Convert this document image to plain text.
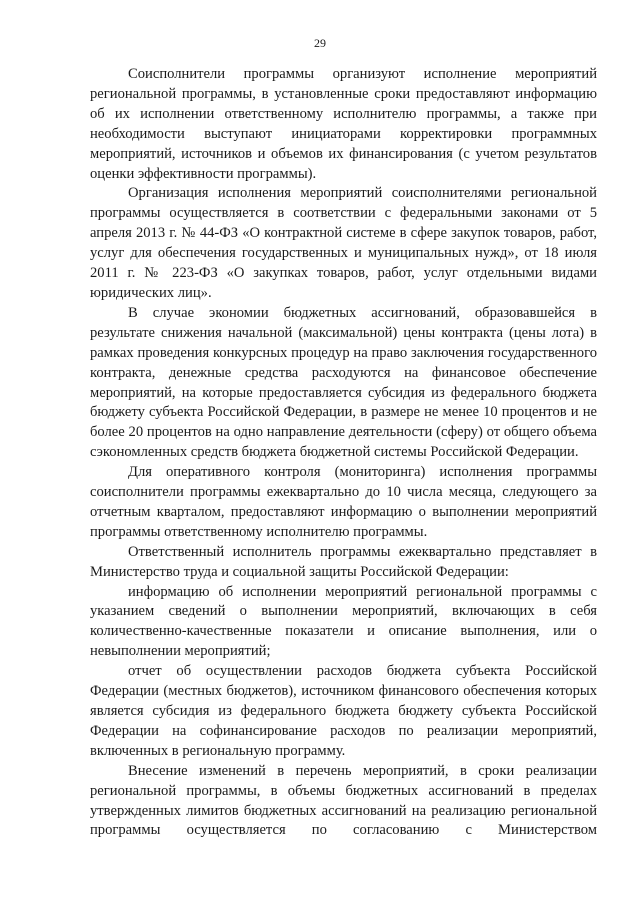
29

Соисполнители программы организуют исполнение мероприятий региональной программы, в установленные сроки предоставляют информацию об их исполнении ответственному исполнителю программы, а также при необходимости выступают инициаторами корректировки программных мероприятий, источников и объемов их финансирования (с учетом результатов оценки эффективности программы).

Организация исполнения мероприятий соисполнителями региональной программы осуществляется в соответствии с федеральными законами от 5 апреля 2013 г. № 44-ФЗ «О контрактной системе в сфере закупок товаров, работ, услуг для обеспечения государственных и муниципальных нужд», от 18 июля 2011 г. № 223-ФЗ «О закупках товаров, работ, услуг отдельными видами юридических лиц».

В случае экономии бюджетных ассигнований, образовавшейся в результате снижения начальной (максимальной) цены контракта (цены лота) в рамках проведения конкурсных процедур на право заключения государственного контракта, денежные средства расходуются на финансовое обеспечение мероприятий, на которые предоставляется субсидия из федерального бюджета бюджету субъекта Российской Федерации, в размере не менее 10 процентов и не более 20 процентов на одно направление деятельности (сферу) от общего объема сэкономленных средств бюджета бюджетной системы Российской Федерации.

Для оперативного контроля (мониторинга) исполнения программы соисполнители программы ежеквартально до 10 числа месяца, следующего за отчетным кварталом, предоставляют информацию о выполнении мероприятий программы ответственному исполнителю программы.

Ответственный исполнитель программы ежеквартально представляет в Министерство труда и социальной защиты Российской Федерации:

информацию об исполнении мероприятий региональной программы с указанием сведений о выполнении мероприятий, включающих в себя количественно-качественные показатели и описание выполнения, или о невыполнении мероприятий;

отчет об осуществлении расходов бюджета субъекта Российской Федерации (местных бюджетов), источником финансового обеспечения которых является субсидия из федерального бюджета бюджету субъекта Российской Федерации на софинансирование расходов по реализации мероприятий, включенных в региональную программу.

Внесение изменений в перечень мероприятий, в сроки реализации региональной программы, в объемы бюджетных ассигнований в пределах утвержденных лимитов бюджетных ассигнований на реализацию региональной программы осуществляется по согласованию с Министерством
